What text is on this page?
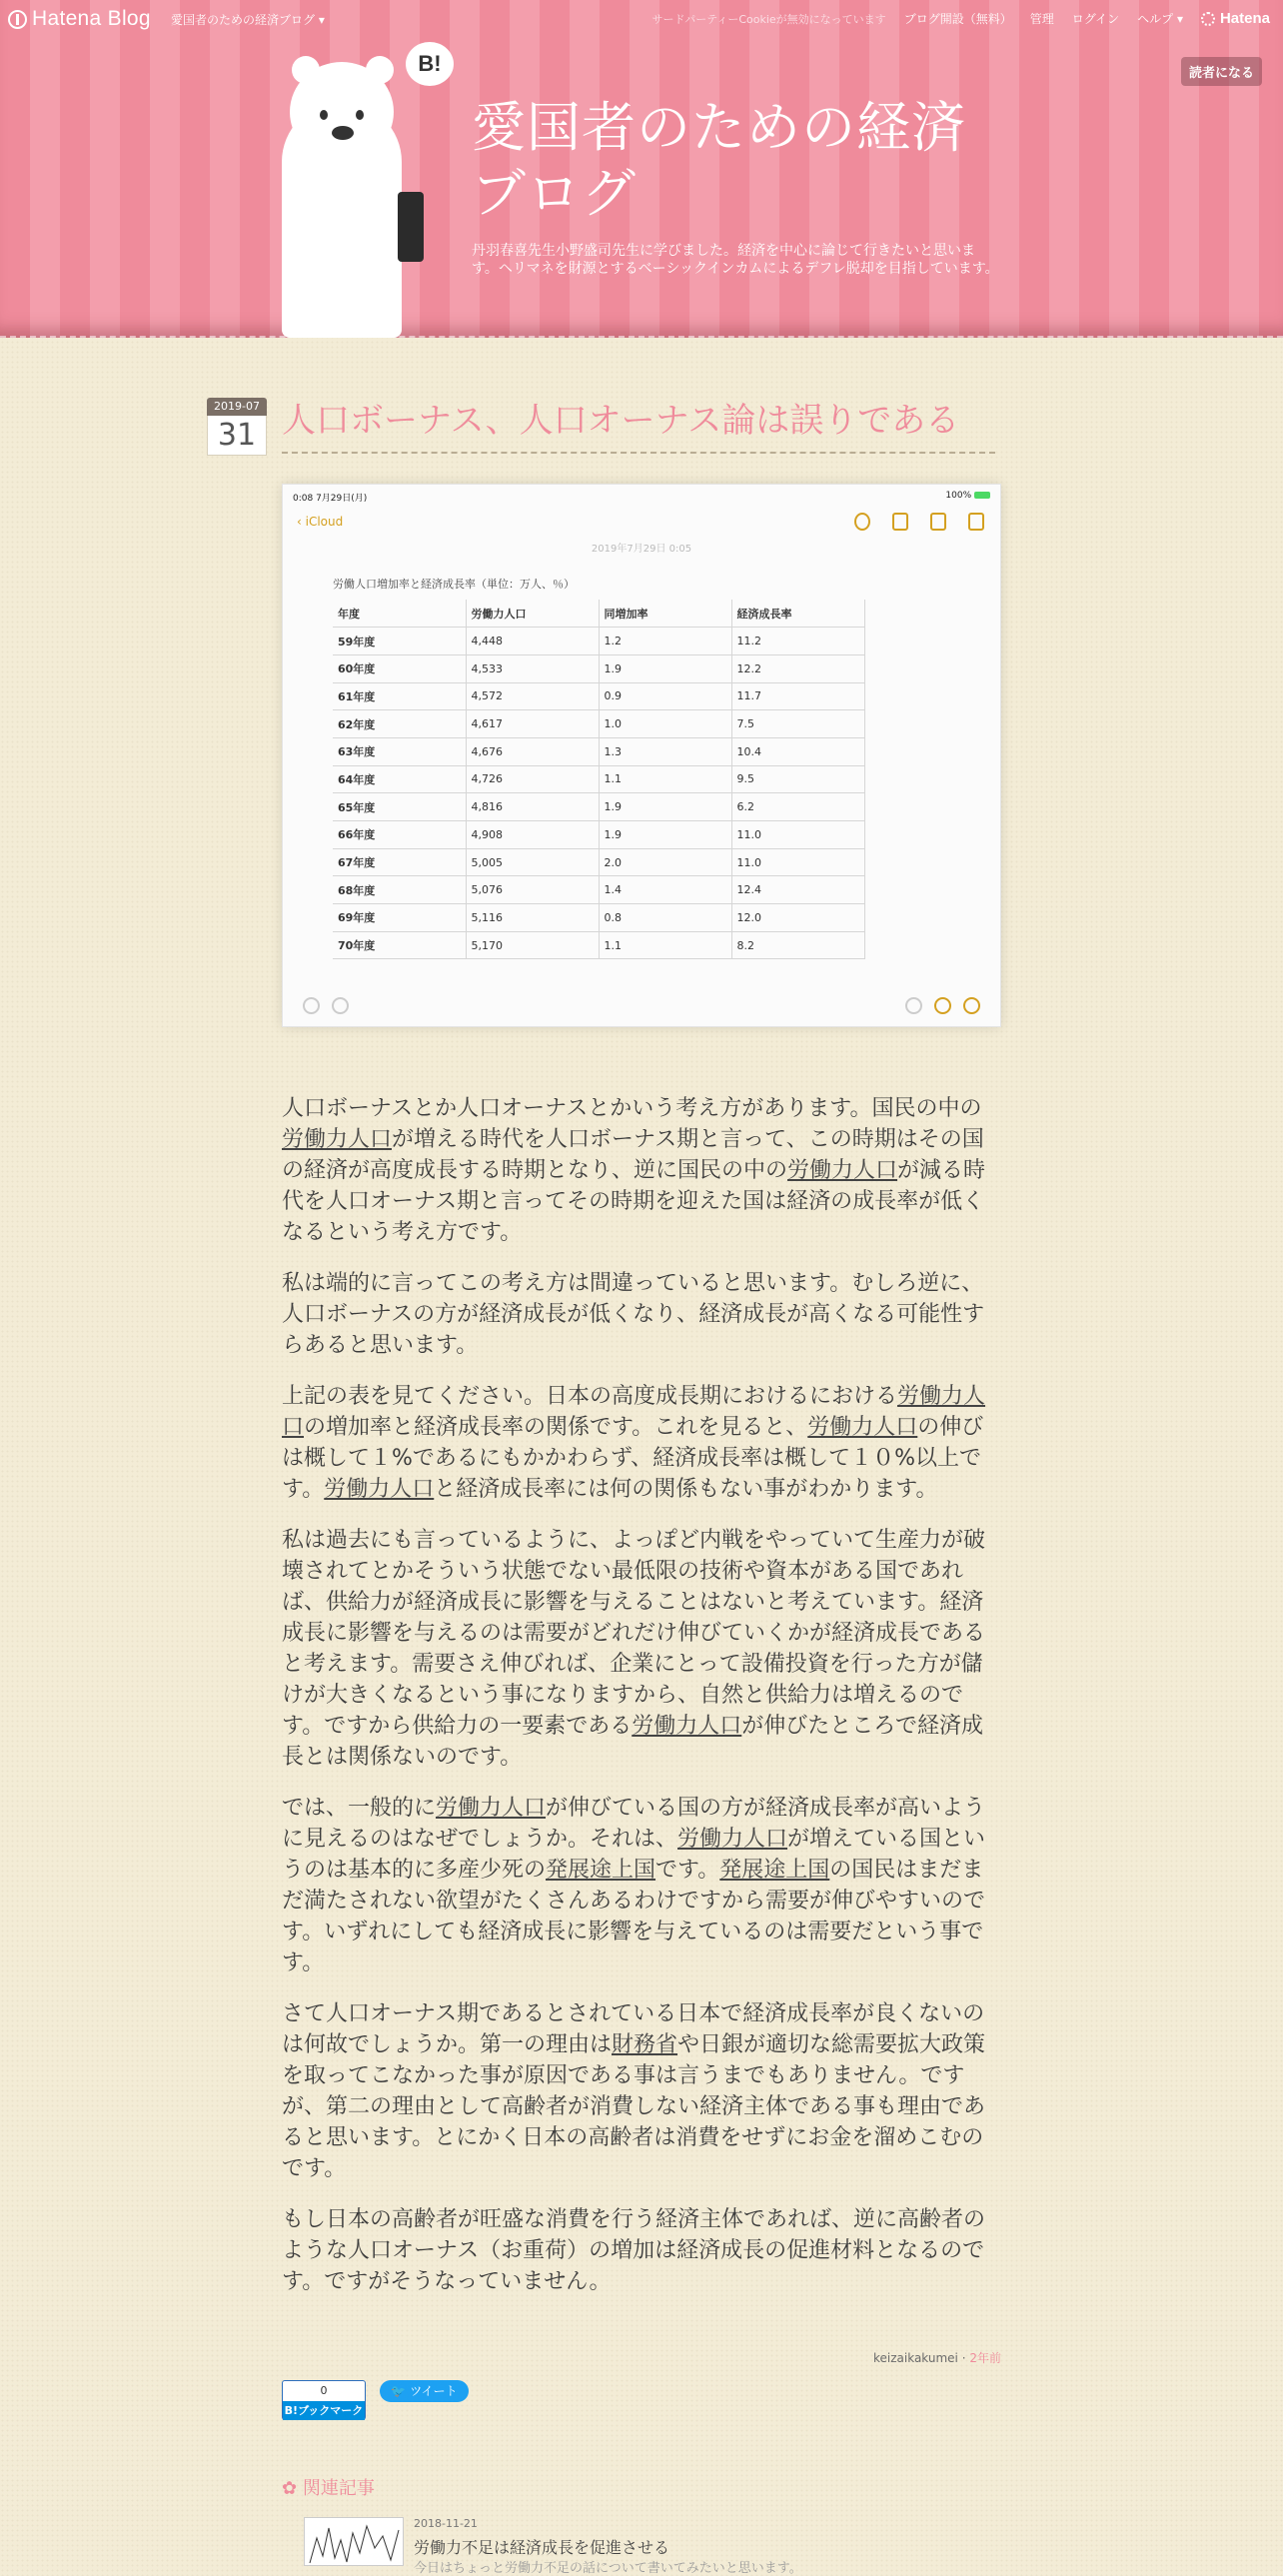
B!
愛国者のための経済ブログ
丹羽春喜先生小野盛司先生に学びました。経済を中心に論じて行きたいと思います。ヘリマネを財源とするベーシックインカムによるデフレ脱却を目指しています。
読者になる
Hatena Blog 愛国者のための経済ブログ ▾	サードパーティーCookieが無効になっています ブログ開設（無料） 管理 ログイン ヘルプ ▾ Hatena
2019-07
31 人口ボーナス、人口オーナス論は誤りである
0:08 7月29日(月)	100%
‹ iCloud
2019年7月29日 0:05
労働人口増加率と経済成長率（単位：万人、％）
年度	労働力人口	同増加率	経済成長率
59年度	4,448	1.2	11.2
60年度	4,533	1.9	12.2
61年度	4,572	0.9	11.7
62年度	4,617	1.0	7.5
63年度	4,676	1.3	10.4
64年度	4,726	1.1	9.5
65年度	4,816	1.9	6.2
66年度	4,908	1.9	11.0
67年度	5,005	2.0	11.0
68年度	5,076	1.4	12.4
69年度	5,116	0.8	12.0
70年度	5,170	1.1	8.2

人口ボーナスとか人口オーナスとかいう考え方があります。国民の中の労働力人口が増える時代を人口ボーナス期と言って、この時期はその国の経済が高度成長する時期となり、逆に国民の中の労働力人口が減る時代を人口オーナス期と言ってその時期を迎えた国は経済の成長率が低くなるという考え方です。

私は端的に言ってこの考え方は間違っていると思います。むしろ逆に、人口ボーナスの方が経済成長が低くなり、経済成長が高くなる可能性すらあると思います。

上記の表を見てください。日本の高度成長期におけるにおける労働力人口の増加率と経済成長率の関係です。これを見ると、労働力人口の伸びは概して１%であるにもかかわらず、経済成長率は概して１０%以上です。労働力人口と経済成長率には何の関係もない事がわかります。

私は過去にも言っているように、よっぽど内戦をやっていて生産力が破壊されてとかそういう状態でない最低限の技術や資本がある国であれば、供給力が経済成長に影響を与えることはないと考えています。経済成長に影響を与えるのは需要がどれだけ伸びていくかが経済成長であると考えます。需要さえ伸びれば、企業にとって設備投資を行った方が儲けが大きくなるという事になりますから、自然と供給力は増えるのです。ですから供給力の一要素である労働力人口が伸びたところで経済成長とは関係ないのです。

では、一般的に労働力人口が伸びている国の方が経済成長率が高いように見えるのはなぜでしょうか。それは、労働力人口が増えている国というのは基本的に多産少死の発展途上国です。発展途上国の国民はまだまだ満たされない欲望がたくさんあるわけですから需要が伸びやすいのです。いずれにしても経済成長に影響を与えているのは需要だという事です。

さて人口オーナス期であるとされている日本で経済成長率が良くないのは何故でしょうか。第一の理由は財務省や日銀が適切な総需要拡大政策を取ってこなかった事が原因である事は言うまでもありません。ですが、第二の理由として高齢者が消費しない経済主体である事も理由であると思います。とにかく日本の高齢者は消費をせずにお金を溜めこむのです。

もし日本の高齢者が旺盛な消費を行う経済主体であれば、逆に高齢者のような人口オーナス（お重荷）の増加は経済成長の促進材料となるのです。ですがそうなっていません。

keizaikakumei · 2年前
0
B!ブックマーク
🐦 ツイート
✿ 関連記事
2018-11-21
労働力不足は経済成長を促進させる
今日はちょっと労働力不足の話について書いてみたいと思います。
